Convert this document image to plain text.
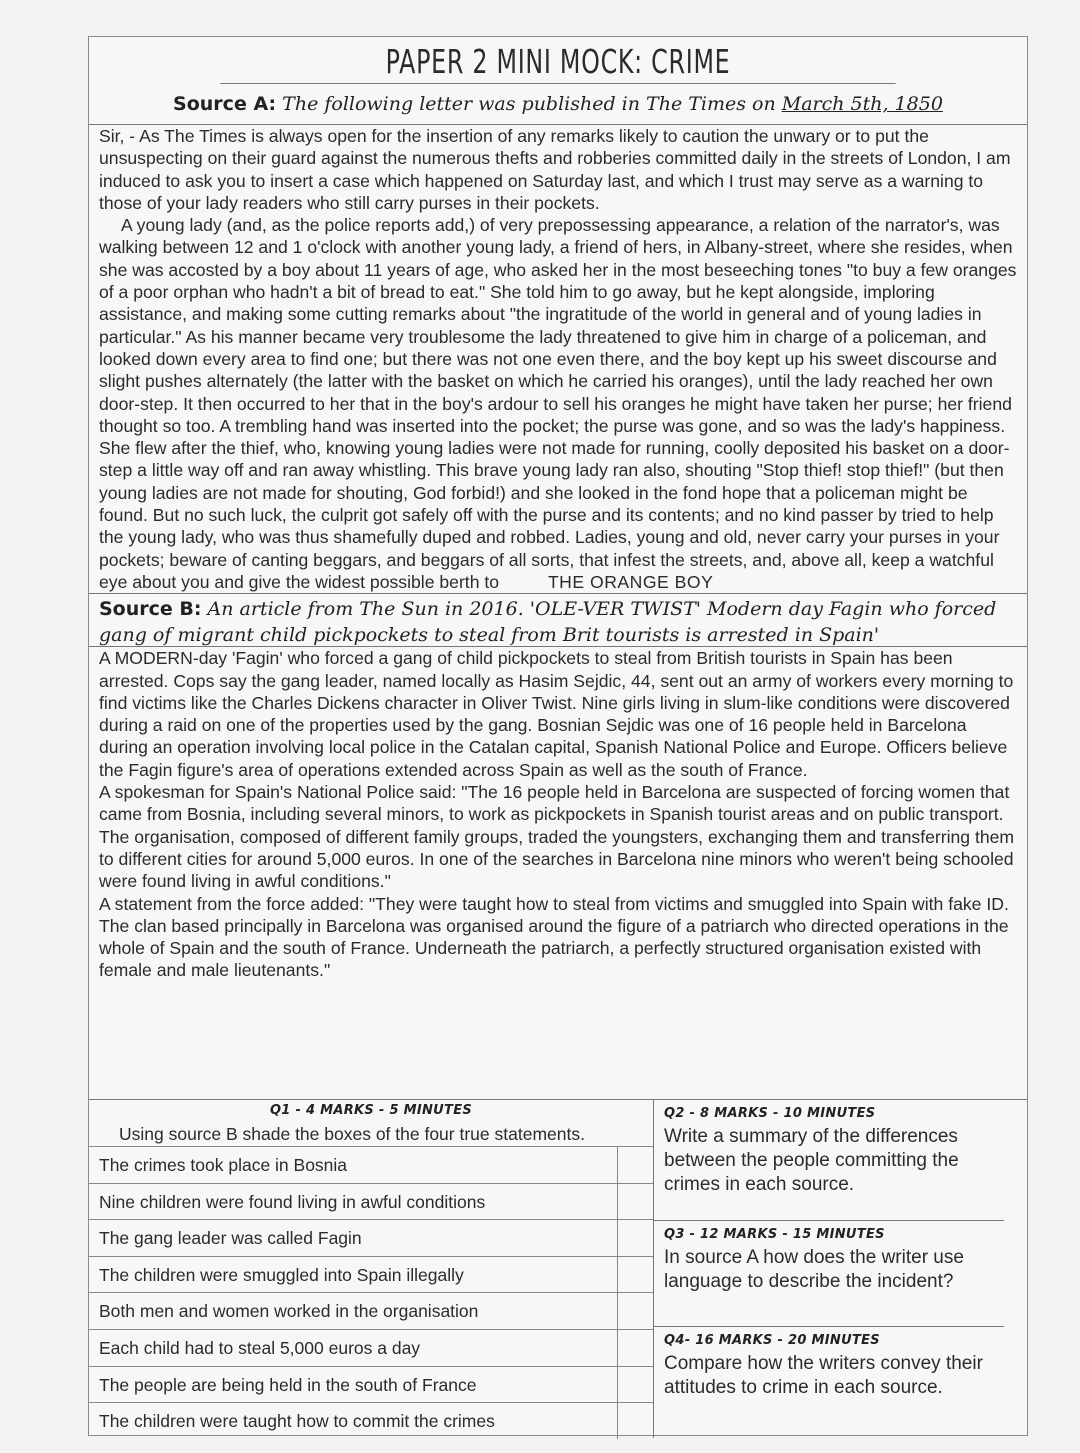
PAPER 2 MINI MOCK: CRIME
Source A: The following letter was published in The Times on March 5th, 1850

Sir, - As The Times is always open for the insertion of any remarks likely to caution the unwary or to put the unsuspecting on their guard against the numerous thefts and robberies committed daily in the streets of London, I am induced to ask you to insert a case which happened on Saturday last, and which I trust may serve as a warning to those of your lady readers who still carry purses in their pockets.

A young lady (and, as the police reports add,) of very prepossessing appearance, a relation of the narrator's, was walking between 12 and 1 o'clock with another young lady, a friend of hers, in Albany-street, where she resides, when she was accosted by a boy about 11 years of age, who asked her in the most beseeching tones "to buy a few oranges of a poor orphan who hadn't a bit of bread to eat." She told him to go away, but he kept alongside, imploring assistance, and making some cutting remarks about "the ingratitude of the world in general and of young ladies in particular." As his manner became very troublesome the lady threatened to give him in charge of a policeman, and looked down every area to find one; but there was not one even there, and the boy kept up his sweet discourse and slight pushes alternately (the latter with the basket on which he carried his oranges), until the lady reached her own door-step. It then occurred to her that in the boy's ardour to sell his oranges he might have taken her purse; her friend thought so too. A trembling hand was inserted into the pocket; the purse was gone, and so was the lady's happiness. She flew after the thief, who, knowing young ladies were not made for running, coolly deposited his basket on a door-step a little way off and ran away whistling. This brave young lady ran also, shouting "Stop thief! stop thief!" (but then young ladies are not made for shouting, God forbid!) and she looked in the fond hope that a policeman might be found. But no such luck, the culprit got safely off with the purse and its contents; and no kind passer by tried to help the young lady, who was thus shamefully duped and robbed. Ladies, young and old, never carry your purses in your pockets; beware of canting beggars, and beggars of all sorts, that infest the streets, and, above all, keep a watchful eye about you and give the widest possible berth to	THE ORANGE BOY

Source B: An article from The Sun in 2016. 'OLE-VER TWIST' Modern day Fagin who forced gang of migrant child pickpockets to steal from Brit tourists is arrested in Spain'

A MODERN-day 'Fagin' who forced a gang of child pickpockets to steal from British tourists in Spain has been arrested. Cops say the gang leader, named locally as Hasim Sejdic, 44, sent out an army of workers every morning to find victims like the Charles Dickens character in Oliver Twist. Nine girls living in slum-like conditions were discovered during a raid on one of the properties used by the gang. Bosnian Sejdic was one of 16 people held in Barcelona during an operation involving local police in the Catalan capital, Spanish National Police and Europe. Officers believe the Fagin figure's area of operations extended across Spain as well as the south of France.

A spokesman for Spain's National Police said: "The 16 people held in Barcelona are suspected of forcing women that came from Bosnia, including several minors, to work as pickpockets in Spanish tourist areas and on public transport. The organisation, composed of different family groups, traded the youngsters, exchanging them and transferring them to different cities for around 5,000 euros. In one of the searches in Barcelona nine minors who weren't being schooled were found living in awful conditions."

A statement from the force added: "They were taught how to steal from victims and smuggled into Spain with fake ID. The clan based principally in Barcelona was organised around the figure of a patriarch who directed operations in the whole of Spain and the south of France. Underneath the patriarch, a perfectly structured organisation existed with female and male lieutenants."

Q1 - 4 MARKS - 5 MINUTES
Using source B shade the boxes of the four true statements.
The crimes took place in Bosnia
Nine children were found living in awful conditions
The gang leader was called Fagin
The children were smuggled into Spain illegally
Both men and women worked in the organisation
Each child had to steal 5,000 euros a day
The people are being held in the south of France
The children were taught how to commit the crimes
Q2 - 8 MARKS - 10 MINUTES
Write a summary of the differences between the people committing the crimes in each source.
Q3 - 12 MARKS - 15 MINUTES
In source A how does the writer use language to describe the incident?
Q4- 16 MARKS - 20 MINUTES
Compare how the writers convey their attitudes to crime in each source.
